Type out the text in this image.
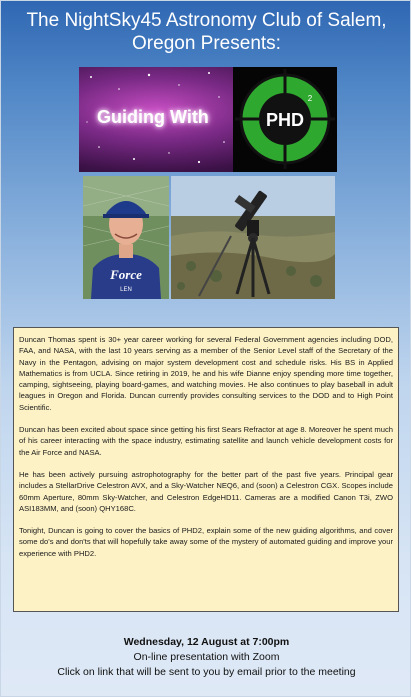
The NightSky45 Astronomy Club of Salem,
Oregon Presents:
Guiding With	PHD
2
Force
LEN

Duncan Thomas spent is 30+ year career working for several Federal Government agencies including DOD, FAA, and NASA, with the last 10 years serving as a member of the Senior Level staff of the Secretary of the Navy in the Pentagon, advising on major system development cost and schedule risks. His BS in Applied Mathematics is from UCLA. Since retiring in 2019, he and his wife Dianne enjoy spending more time together, camping, sightseeing, playing board-games, and watching movies. He also continues to play baseball in adult leagues in Oregon and Florida. Duncan currently provides consulting services to the DOD and to High Point Scientific.

Duncan has been excited about space since getting his first Sears Refractor at age 8. Moreover he spent much of his career interacting with the space industry, estimating satellite and launch vehicle development costs for the Air Force and NASA.

He has been actively pursuing astrophotography for the better part of the past five years. Principal gear includes a StellarDrive Celestron AVX, and a Sky-Watcher NEQ6, and (soon) a Celestron CGX. Scopes include 60mm Aperture, 80mm Sky-Watcher, and Celestron EdgeHD11. Cameras are a modified Canon T3i, ZWO ASI183MM, and (soon) QHY168C.

Tonight, Duncan is going to cover the basics of PHD2, explain some of the new guiding algorithms, and cover some do's and don'ts that will hopefully take away some of the mystery of automated guiding and improve your experience with PHD2.

Wednesday, 12 August at 7:00pm
On-line presentation with Zoom
Click on link that will be sent to you by email prior to the meeting
